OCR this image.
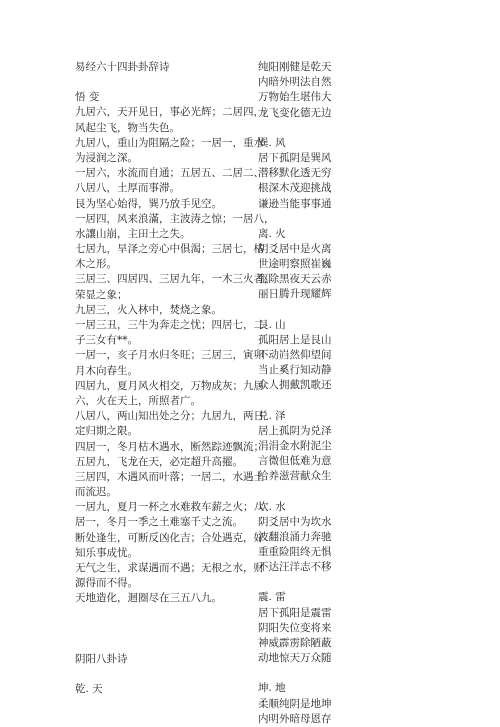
易经六十四卦卦辞诗
悟 变
九居六，天开见日，事必光辉；二居四，
风起尘飞，物当失色。
九居八，重山为阻隔之险；一居一，重水
为浸润之深。
一居六，水流而自通；五居五、二居二、
八居八，土厚而事滞。
艮为坚心始得，巽乃放手见空。
一居四，风来浪滿，主波涛之惊；一居八，
水讓山崩，主田土之失。
七居九，旱泽之旁心中俱渴；三居七，枯
木之形。
三居三、四居四、三居九年，一木三火者，
荣显之象；
九居三，火入林中，焚烧之象。
一居三丑，三牛为奔走之忧；四居七，二
子三女有**。
一居一，亥子月水归冬旺；三居三，寅卯
月木向春生。
四居九，夏月风火相交，万物成灰；九居
六，火在天上，所照者广。
八居八，两山知出处之分；九居九，两日
定归期之限。
四居一，冬月枯木遇水，断然踪迹飘流；
五居九，飞龙在天，必定超升高擢。
三居四，木遇风而叶落；一居二，水遇土
而流迟。
一居九，夏月一杯之水难救车薪之火；八
居一，冬月一季之土难塞千丈之流。
断处逢生，可断反凶化吉；合处遇克，好
知乐事成忧。
无气之生，求谋遇而不遇；无根之水，财
源得而不得。
天地造化，迴圈尽在三五八九。
阴阳八卦诗
乾. 天
纯阳刚健是乾天
内暗外明法自然
万物始生堪伟大
龙飞变化德无边
巽. 风
居下孤阴是巽风
潜移默化透无穷
根深木茂迎挑战
谦逊当能事事通
离. 火
阴爻居中是火离
世途明察照崔巍
驱除黑夜天云赤
丽日腾升现耀辉
艮. 山
孤阳居上是艮山
不动岿然仰望间
当止奚行知动静
众人拥戴凯歌还
兑. 泽
居上孤阴为兑泽
涓涓金水附泥尘
言微但低难为意
给养滋营献众生
坎. 水
阴爻居中为坎水
波翻浪涌力奔驰
重重险阻终无惧
不达汪洋志不移
震. 雷
居下孤阳是震雷
阴阳失位变将来
神威霹雳除陋蔽
动地惊天万众随
坤. 地
柔顺纯阴是地坤
内明外暗母恩存
